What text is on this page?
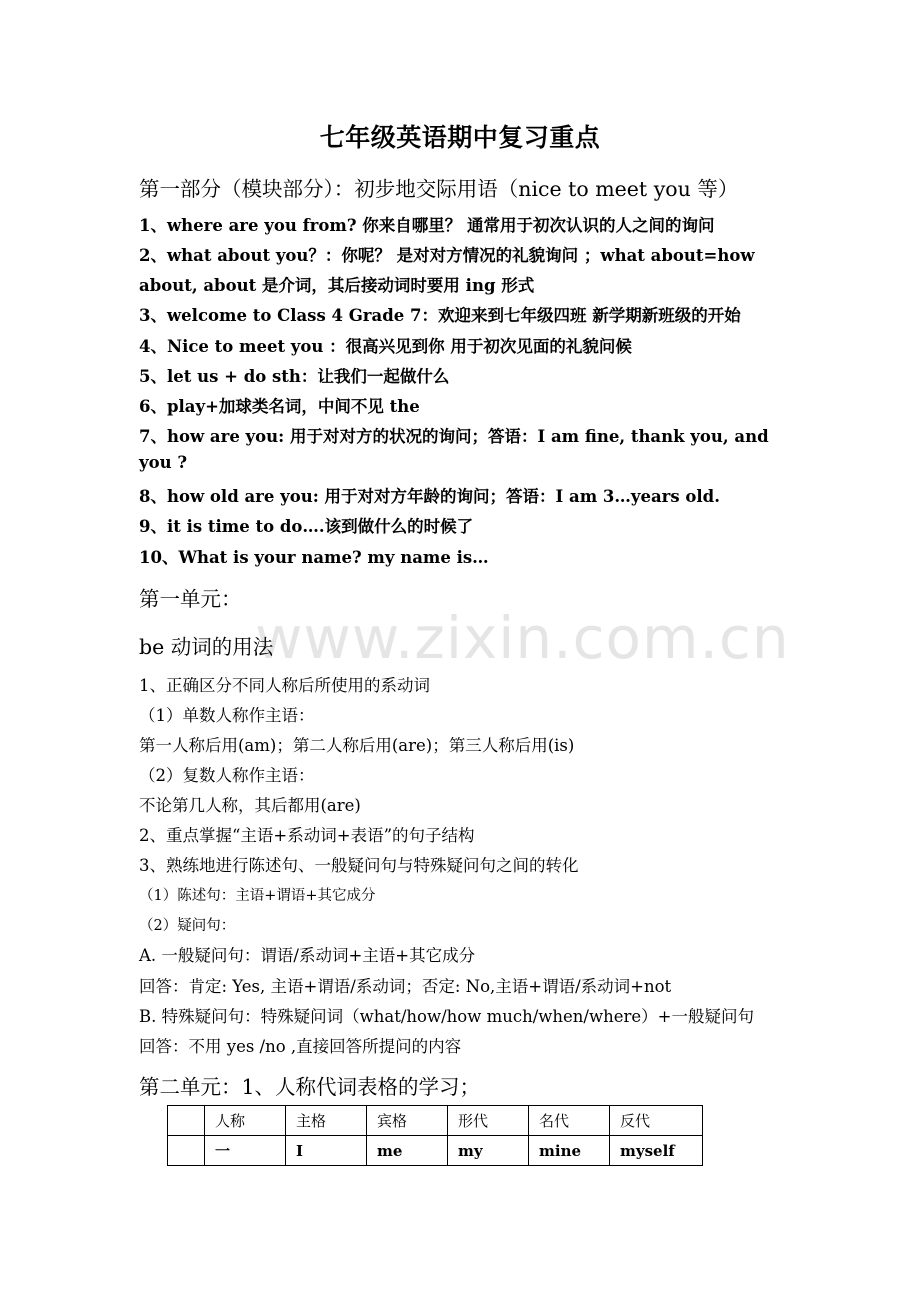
七年级英语期中复习重点
第一部分（模块部分）：初步地交际用语（nice to meet you 等）
1、where are you from? 你来自哪里？ 通常用于初次认识的人之间的询问
2、what about you？：你呢？ 是对对方情况的礼貌询问 ；what about=how
about, about 是介词，其后接动词时要用 ing 形式
3、welcome to Class 4 Grade 7：欢迎来到七年级四班 新学期新班级的开始
4、Nice to meet you ：很高兴见到你 用于初次见面的礼貌问候
5、let us + do sth：让我们一起做什么
6、play+加球类名词，中间不见 the
7、how are you: 用于对对方的状况的询问；答语：I am fine, thank you, and
you ?
8、how old are you: 用于对对方年龄的询问；答语：I am 3…years old.
9、it is time to do….该到做什么的时候了
10、What is your name? my name is…
第一单元：
www.zixin.com.cn
be 动词的用法
1、正确区分不同人称后所使用的系动词
（1）单数人称作主语：
第一人称后用(am)；第二人称后用(are)；第三人称后用(is)
（2）复数人称作主语：
不论第几人称，其后都用(are)
2、重点掌握“主语+系动词+表语”的句子结构
3、熟练地进行陈述句、一般疑问句与特殊疑问句之间的转化
（1）陈述句：主语+谓语+其它成分
（2）疑问句：
A. 一般疑问句：谓语/系动词+主语+其它成分
回答：肯定: Yes, 主语+谓语/系动词；否定: No,主语+谓语/系动词+not
B. 特殊疑问句：特殊疑问词（what/how/how much/when/where）+一般疑问句
回答：不用 yes /no ,直接回答所提问的内容
第二单元：1、人称代词表格的学习；
	人称	主格	宾格	形代	名代	反代
	一	I	me	my	mine	myself
